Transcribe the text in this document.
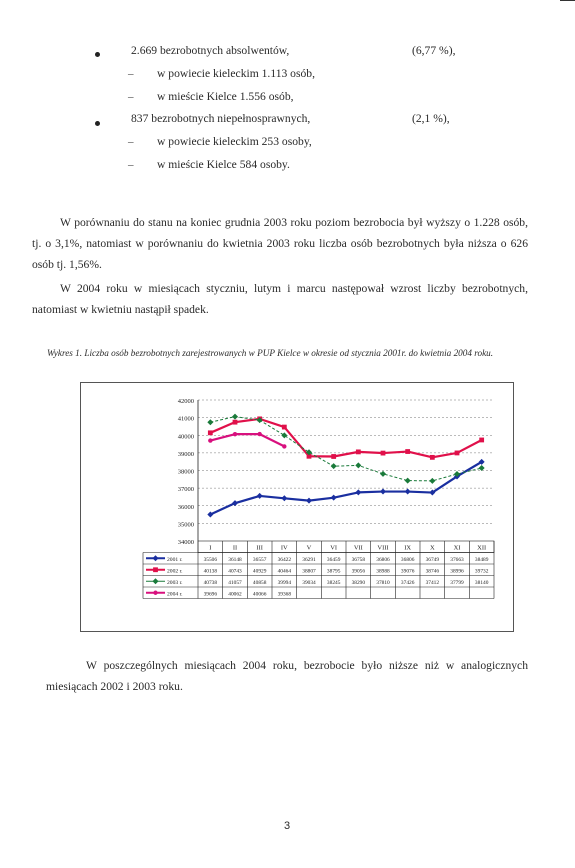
2.669 bezrobotnych absolwentów,	(6,77 %),
– w powiecie kieleckim 1.113 osób,
– w mieście Kielce 1.556 osób,
837 bezrobotnych niepełnosprawnych,	(2,1 %),
– w powiecie kieleckim 253 osoby,
– w mieście Kielce 584 osoby.
W porównaniu do stanu na koniec grudnia 2003 roku poziom bezrobocia był wyższy o 1.228 osób, tj. o 3,1%, natomiast w porównaniu do kwietnia 2003 roku liczba osób bezrobotnych była niższa o 626 osób tj. 1,56%.
W 2004 roku w miesiącach styczniu, lutym i marcu następował wzrost liczby bezrobotnych, natomiast w kwietniu nastąpił spadek.
Wykres 1. Liczba osób bezrobotnych zarejestrowanych w PUP Kielce w okresie od stycznia 2001r. do kwietnia 2004 roku.
34000
35000
36000
37000
38000
39000
40000
41000
42000
I	II	III	IV	V	VI	VII VIII IX	X	XI	XII
2001 r.	35506 36148 36557 36422 36291 36459 36758 36806 36806 36749 37663 38489
2002 r.	40138 40743 40929 40464 38807 38795 39056 38988 39076 38746 38996 39732
2003 r.	40738 41057 40858 39994 39034 38245 38290 37810 37426 37412 37799 38140
2004 r.	39696 40062 40066 39368
W poszczególnych miesiącach 2004 roku, bezrobocie było niższe niż w analogicznych miesiącach 2002 i 2003 roku.
3
